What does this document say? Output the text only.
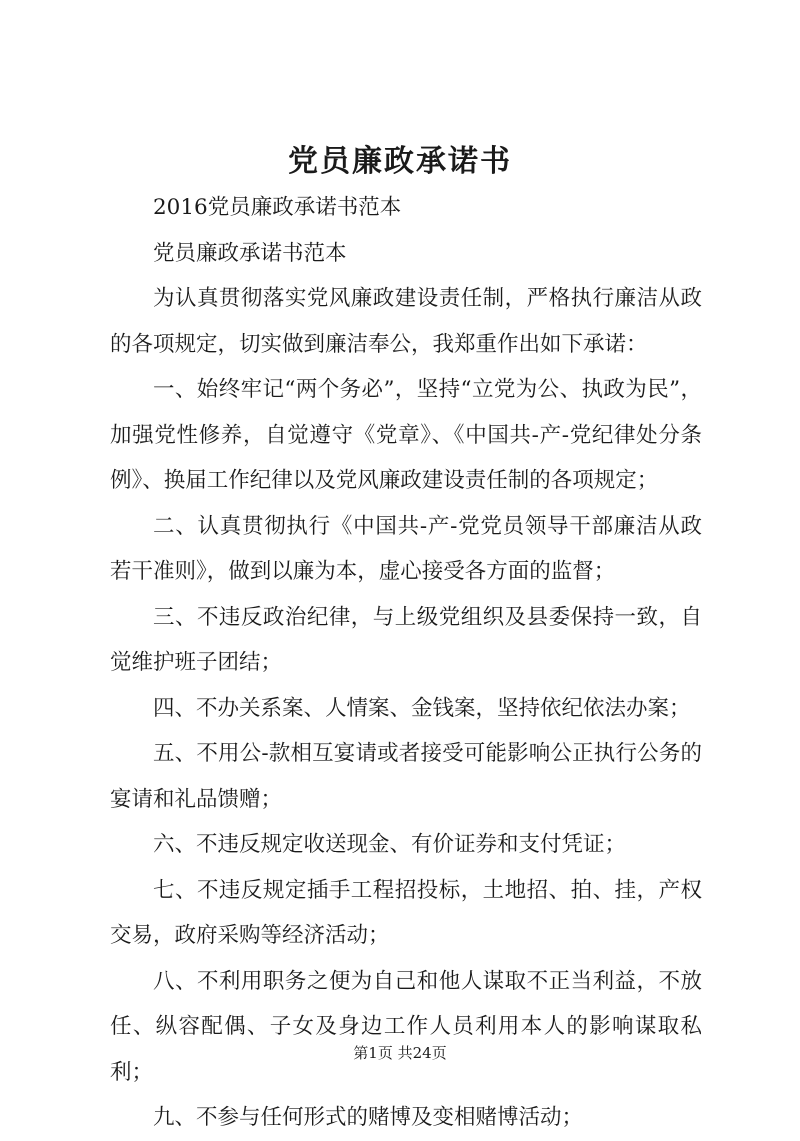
党员廉政承诺书

2016党员廉政承诺书范本

党员廉政承诺书范本

为认真贯彻落实党风廉政建设责任制，严格执行廉洁从政的各项规定，切实做到廉洁奉公，我郑重作出如下承诺：

一、始终牢记“两个务必”，坚持“立党为公、执政为民”，加强党性修养，自觉遵守《党章》、《中国共-产-党纪律处分条例》、换届工作纪律以及党风廉政建设责任制的各项规定；

二、认真贯彻执行《中国共-产-党党员领导干部廉洁从政若干准则》，做到以廉为本，虚心接受各方面的监督；

三、不违反政治纪律，与上级党组织及县委保持一致，自觉维护班子团结；

四、不办关系案、人情案、金钱案，坚持依纪依法办案；

五、不用公-款相互宴请或者接受可能影响公正执行公务的宴请和礼品馈赠；

六、不违反规定收送现金、有价证券和支付凭证；

七、不违反规定插手工程招投标，土地招、拍、挂，产权交易，政府采购等经济活动；

八、不利用职务之便为自己和他人谋取不正当利益，不放任、纵容配偶、子女及身边工作人员利用本人的影响谋取私利；

九、不参与任何形式的赌博及变相赌博活动；

第1页 共24页
